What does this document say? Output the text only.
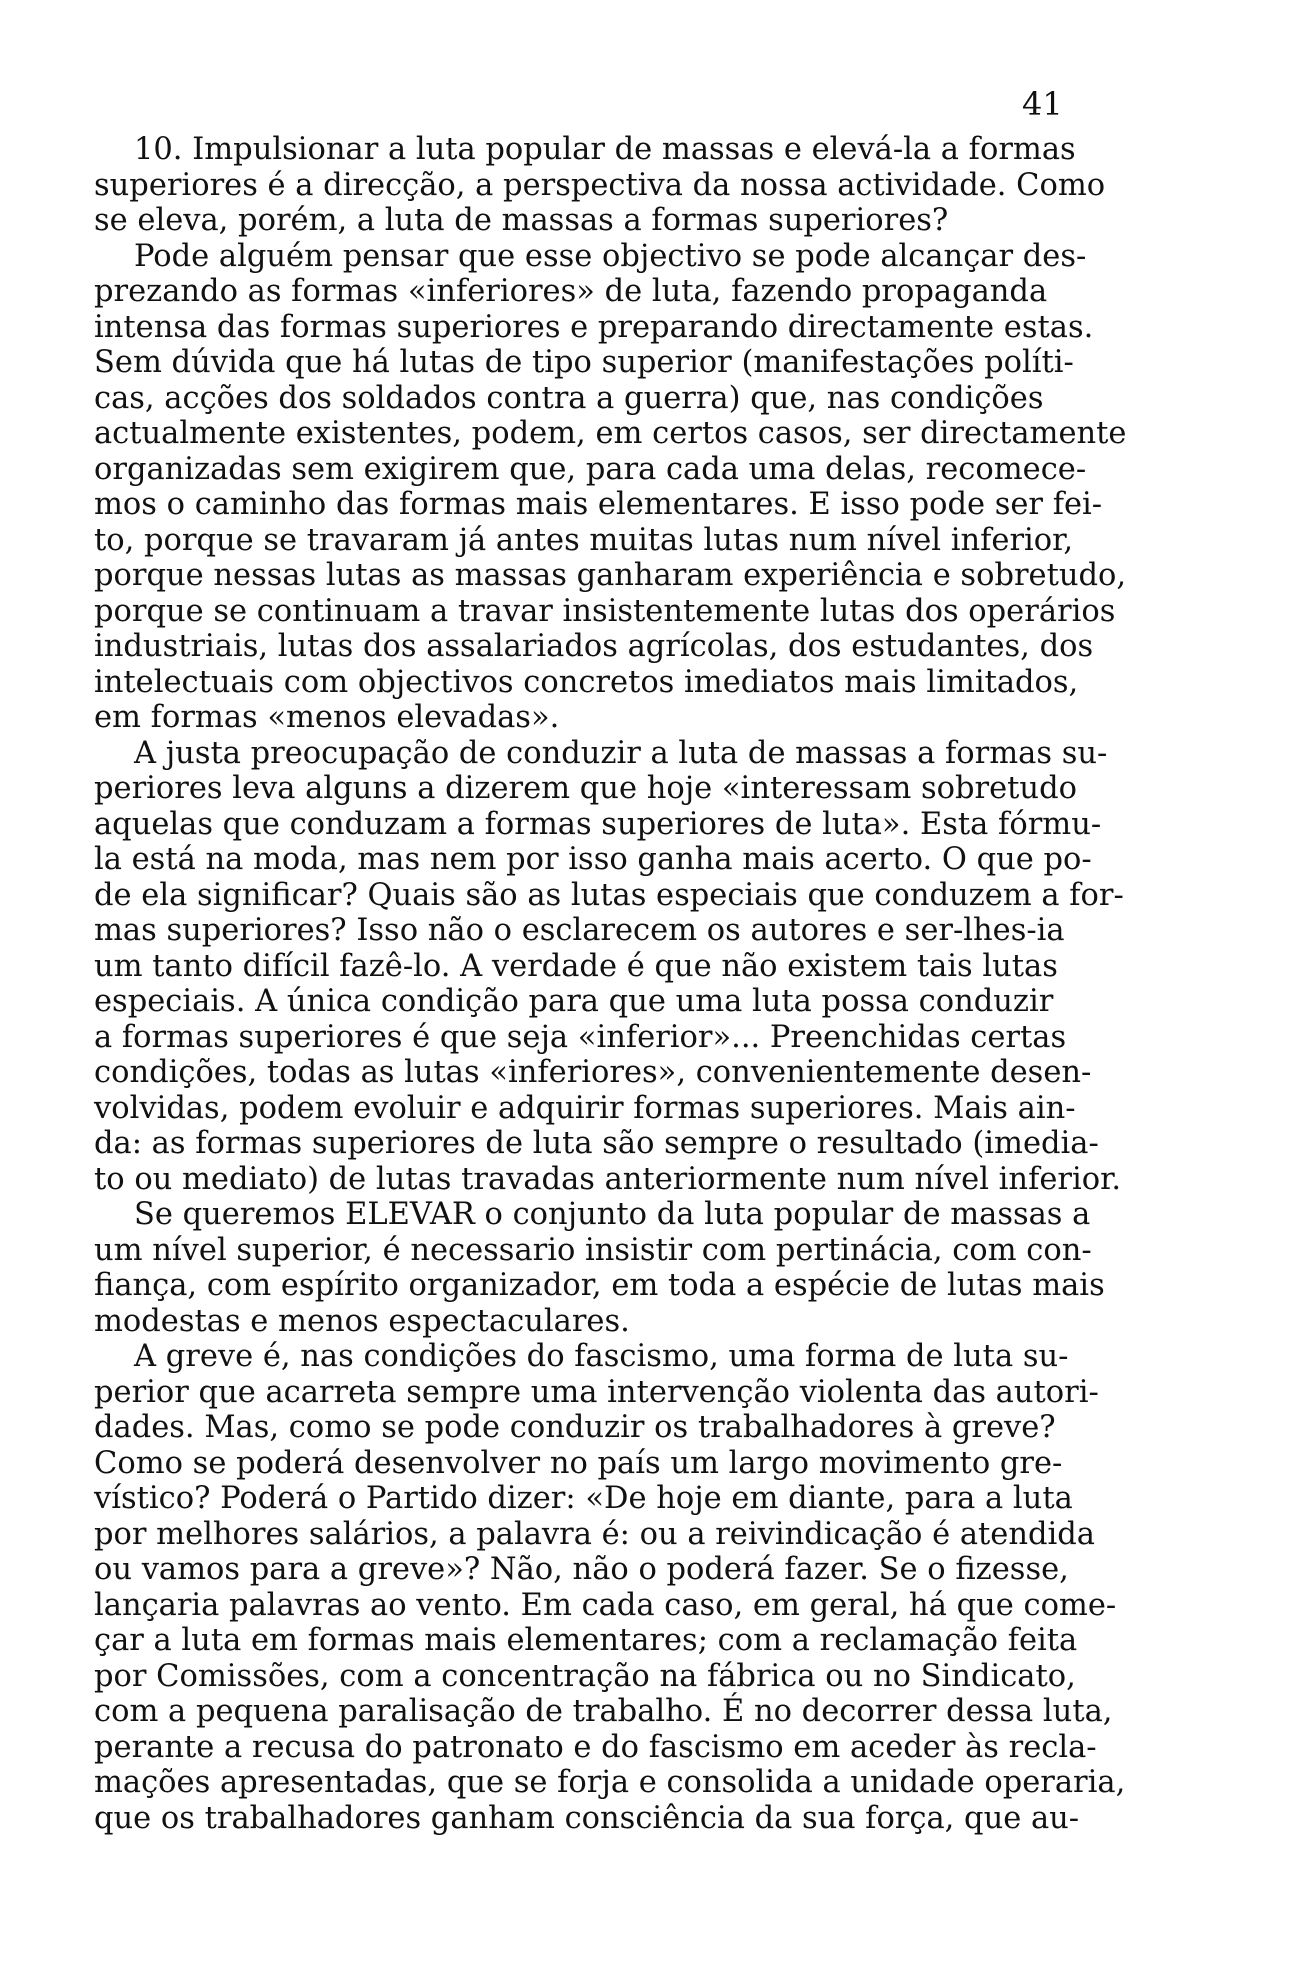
41
10. Impulsionar a luta popular de massas e elevá-la a formas
superiores é a direcção, a perspectiva da nossa actividade. Como
se eleva, porém, a luta de massas a formas superiores?
Pode alguém pensar que esse objectivo se pode alcançar des-
prezando as formas «inferiores» de luta, fazendo propaganda
intensa das formas superiores e preparando directamente estas.
Sem dúvida que há lutas de tipo superior (manifestações políti-
cas, acções dos soldados contra a guerra) que, nas condições
actualmente existentes, podem, em certos casos, ser directamente
organizadas sem exigirem que, para cada uma delas, recomece-
mos o caminho das formas mais elementares. E isso pode ser fei-
to, porque se travaram já antes muitas lutas num nível inferior,
porque nessas lutas as massas ganharam experiência e sobretudo,
porque se continuam a travar insistentemente lutas dos operários
industriais, lutas dos assalariados agrícolas, dos estudantes, dos
intelectuais com objectivos concretos imediatos mais limitados,
em formas «menos elevadas».
A justa preocupação de conduzir a luta de massas a formas su-
periores leva alguns a dizerem que hoje «interessam sobretudo
aquelas que conduzam a formas superiores de luta». Esta fórmu-
la está na moda, mas nem por isso ganha mais acerto. O que po-
de ela significar? Quais são as lutas especiais que conduzem a for-
mas superiores? Isso não o esclarecem os autores e ser-lhes-ia
um tanto difícil fazê-lo. A verdade é que não existem tais lutas
especiais. A única condição para que uma luta possa conduzir
a formas superiores é que seja «inferior»... Preenchidas certas
condições, todas as lutas «inferiores», convenientemente desen-
volvidas, podem evoluir e adquirir formas superiores. Mais ain-
da: as formas superiores de luta são sempre o resultado (imedia-
to ou mediato) de lutas travadas anteriormente num nível inferior.
Se queremos ELEVAR o conjunto da luta popular de massas a
um nível superior, é necessario insistir com pertinácia, com con-
fiança, com espírito organizador, em toda a espécie de lutas mais
modestas e menos espectaculares.
A greve é, nas condições do fascismo, uma forma de luta su-
perior que acarreta sempre uma intervenção violenta das autori-
dades. Mas, como se pode conduzir os trabalhadores à greve?
Como se poderá desenvolver no país um largo movimento gre-
vístico? Poderá o Partido dizer: «De hoje em diante, para a luta
por melhores salários, a palavra é: ou a reivindicação é atendida
ou vamos para a greve»? Não, não o poderá fazer. Se o fizesse,
lançaria palavras ao vento. Em cada caso, em geral, há que come-
çar a luta em formas mais elementares; com a reclamação feita
por Comissões, com a concentração na fábrica ou no Sindicato,
com a pequena paralisação de trabalho. É no decorrer dessa luta,
perante a recusa do patronato e do fascismo em aceder às recla-
mações apresentadas, que se forja e consolida a unidade operaria,
que os trabalhadores ganham consciência da sua força, que au-
